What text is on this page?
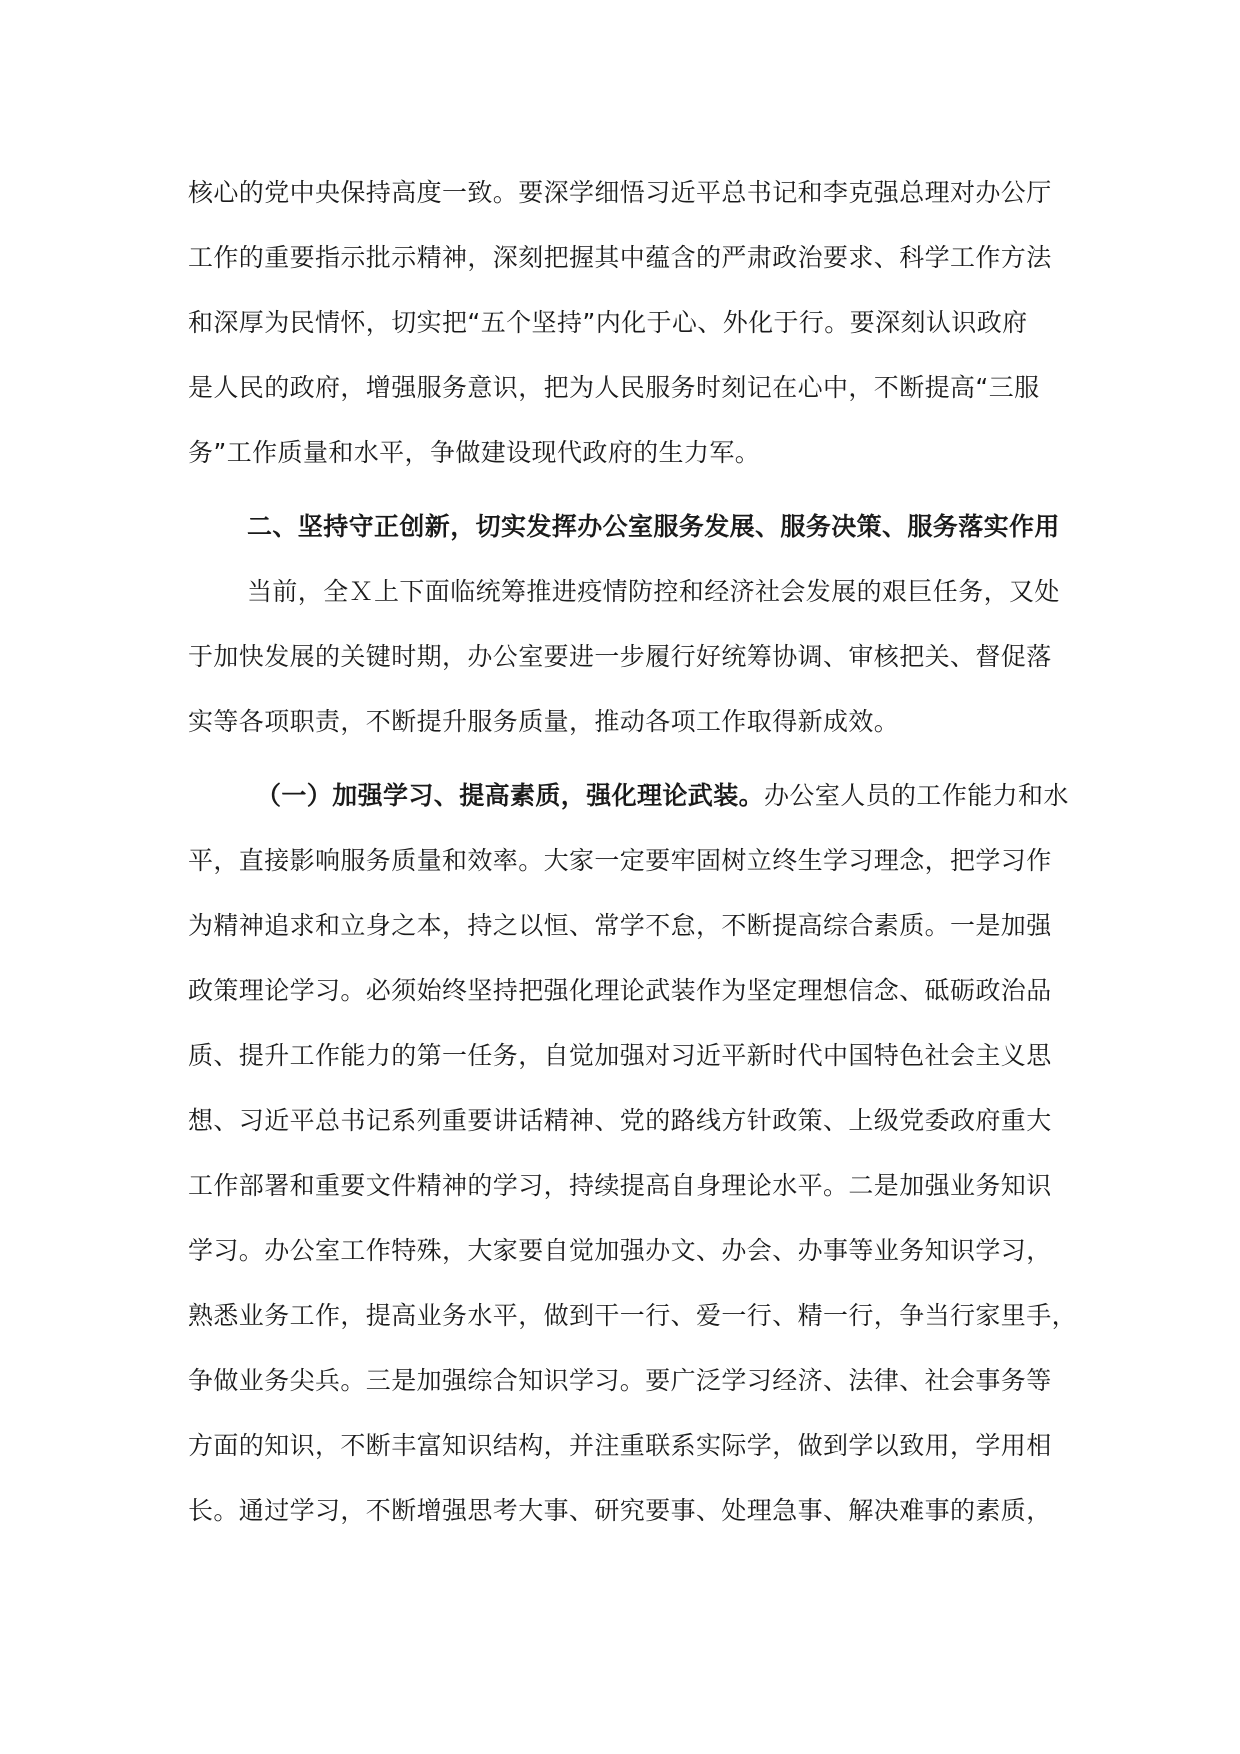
核心的党中央保持高度一致。要深学细悟习近平总书记和李克强总理对办公厅
工作的重要指示批示精神，深刻把握其中蕴含的严肃政治要求、科学工作方法
和深厚为民情怀，切实把“五个坚持”内化于心、外化于行。要深刻认识政府
是人民的政府，增强服务意识，把为人民服务时刻记在心中，不断提高“三服
务”工作质量和水平，争做建设现代政府的生力军。
二、坚持守正创新，切实发挥办公室服务发展、服务决策、服务落实作用
当前，全Ｘ上下面临统筹推进疫情防控和经济社会发展的艰巨任务，又处
于加快发展的关键时期，办公室要进一步履行好统筹协调、审核把关、督促落
实等各项职责，不断提升服务质量，推动各项工作取得新成效。
（一）加强学习、提高素质，强化理论武装。办公室人员的工作能力和水
平，直接影响服务质量和效率。大家一定要牢固树立终生学习理念，把学习作
为精神追求和立身之本，持之以恒、常学不怠，不断提高综合素质。一是加强
政策理论学习。必须始终坚持把强化理论武装作为坚定理想信念、砥砺政治品
质、提升工作能力的第一任务，自觉加强对习近平新时代中国特色社会主义思
想、习近平总书记系列重要讲话精神、党的路线方针政策、上级党委政府重大
工作部署和重要文件精神的学习，持续提高自身理论水平。二是加强业务知识
学习。办公室工作特殊，大家要自觉加强办文、办会、办事等业务知识学习，
熟悉业务工作，提高业务水平，做到干一行、爱一行、精一行，争当行家里手，
争做业务尖兵。三是加强综合知识学习。要广泛学习经济、法律、社会事务等
方面的知识，不断丰富知识结构，并注重联系实际学，做到学以致用，学用相
长。通过学习，不断增强思考大事、研究要事、处理急事、解决难事的素质，
